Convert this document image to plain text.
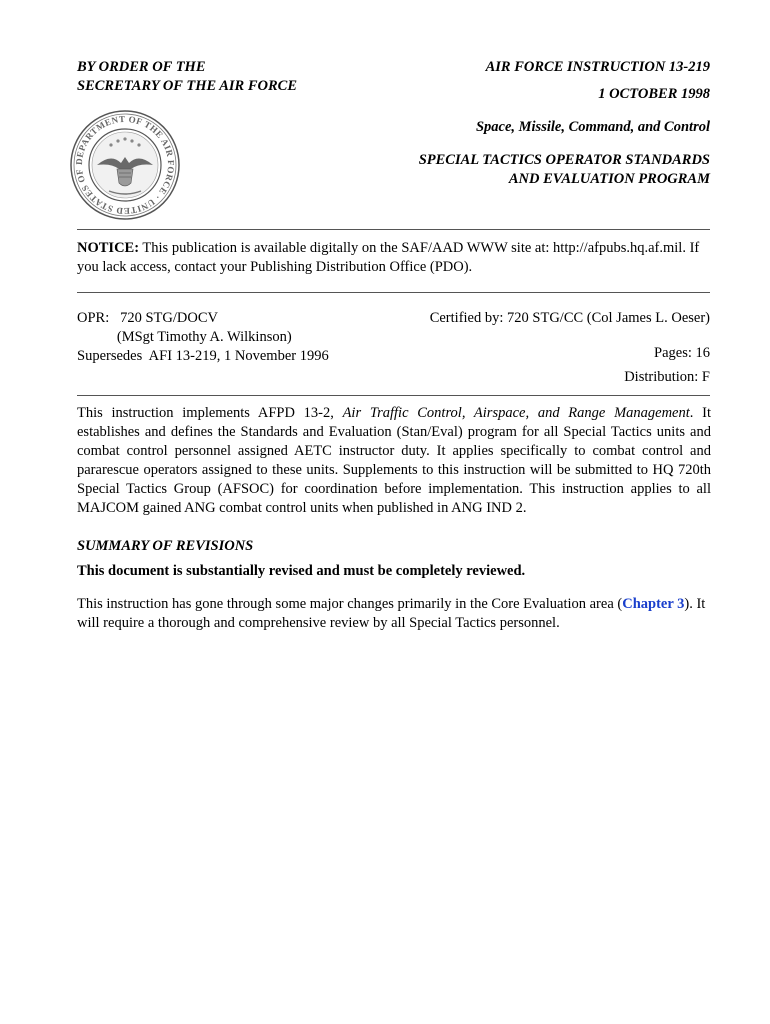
BY ORDER OF THE
SECRETARY OF THE AIR FORCE
AIR FORCE INSTRUCTION 13-219
1 OCTOBER 1998
DEPARTMENT OF THE AIR FORCE · UNITED STATES OF
Space, Missile, Command, and Control
SPECIAL TACTICS OPERATOR STANDARDS
AND EVALUATION PROGRAM
NOTICE: This publication is available digitally on the SAF/AAD WWW site at: http://afpubs.hq.af.mil. If you lack access, contact your Publishing Distribution Office (PDO).
OPR:   720 STG/DOCV
(MSgt Timothy A. Wilkinson)
Supersedes  AFI 13-219, 1 November 1996
Certified by: 720 STG/CC (Col James L. Oeser)
Pages: 16
Distribution: F
This instruction implements AFPD 13-2, Air Traffic Control, Airspace, and Range Management. It establishes and defines the Standards and Evaluation (Stan/Eval) program for all Special Tactics units and combat control personnel assigned AETC instructor duty. It applies specifically to combat control and pararescue operators assigned to these units. Supplements to this instruction will be submitted to HQ 720th Special Tactics Group (AFSOC) for coordination before implementation. This instruction applies to all MAJCOM gained ANG combat control units when published in ANG IND 2.
SUMMARY OF REVISIONS
This document is substantially revised and must be completely reviewed.
This instruction has gone through some major changes primarily in the Core Evaluation area (Chapter 3). It will require a thorough and comprehensive review by all Special Tactics personnel.
